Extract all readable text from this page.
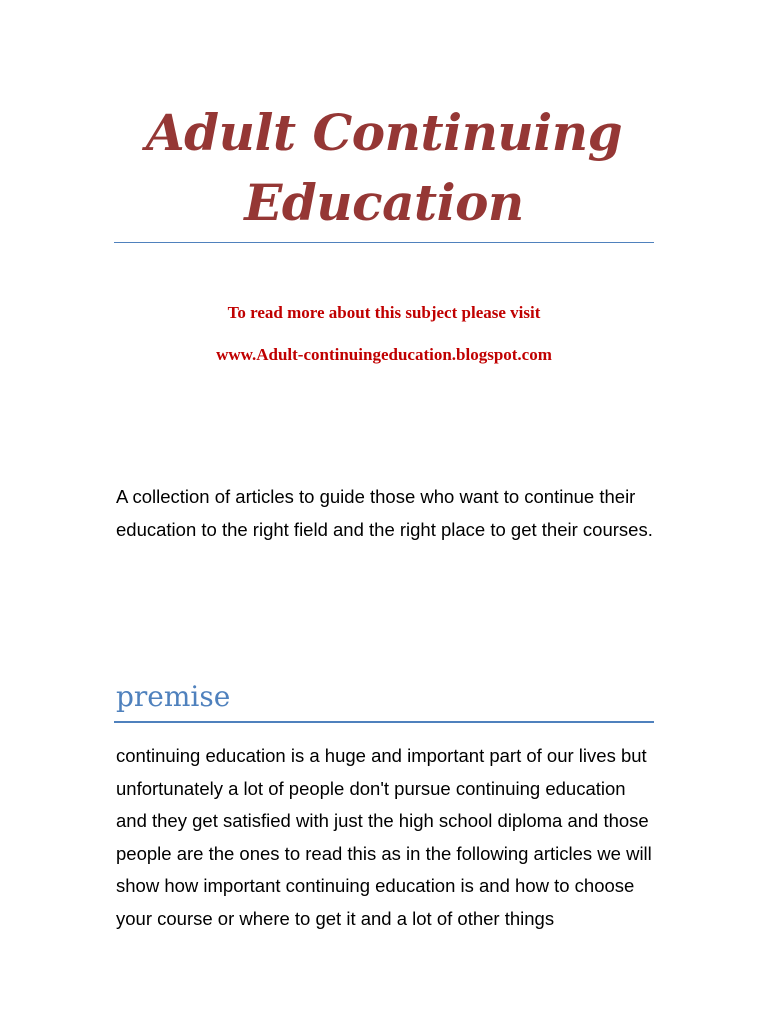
Adult Continuing Education

To read more about this subject please visit

www.Adult-continuingeducation.blogspot.com

A collection of articles to guide those who want to continue their education to the right field and the right place to get their courses.

premise

continuing education is a huge and important part of our lives but unfortunately a lot of people don't pursue continuing education and they get satisfied with just the high school diploma and those people are the ones to read this as in the following articles we will show how important continuing education is and how to choose your course or where to get it and a lot of other things
